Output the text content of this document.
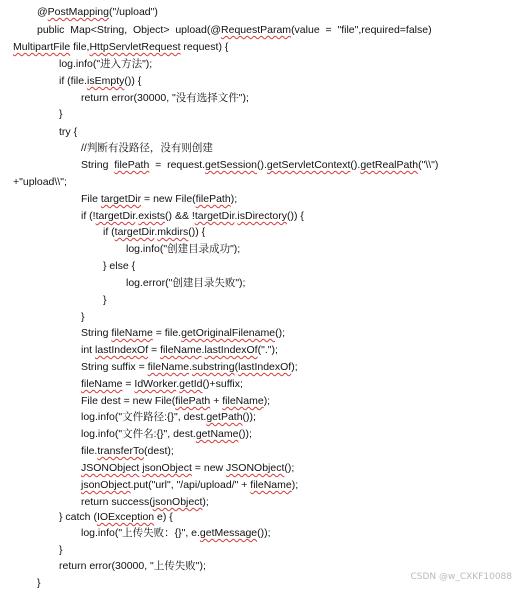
@PostMapping("/upload")
public  Map<String,  Object>  upload(@RequestParam(value  =  "file",required=false)
MultipartFile file,HttpServletRequest request) {
log.info("进入方法");
if (file.isEmpty()) {
return error(30000, "没有选择文件");
}
try {
//判断有没路径，没有则创建
String  filePath  =  request.getSession().getServletContext().getRealPath("\\")
+"upload\\";
File targetDir = new File(filePath);
if (!targetDir.exists() && !targetDir.isDirectory()) {
if (targetDir.mkdirs()) {
log.info("创建目录成功");
} else {
log.error("创建目录失败");
}
}
String fileName = file.getOriginalFilename();
int lastIndexOf = fileName.lastIndexOf(".");
String suffix = fileName.substring(lastIndexOf);
fileName = IdWorker.getId()+suffix;
File dest = new File(filePath + fileName);
log.info("文件路径:{}", dest.getPath());
log.info("文件名:{}", dest.getName());
file.transferTo(dest);
JSONObject jsonObject = new JSONObject();
jsonObject.put("url", "/api/upload/" + fileName);
return success(jsonObject);
} catch (IOException e) {
log.info("上传失败：{}", e.getMessage());
}
return error(30000, "上传失败");
}	CSDN @w_CXKF10088
